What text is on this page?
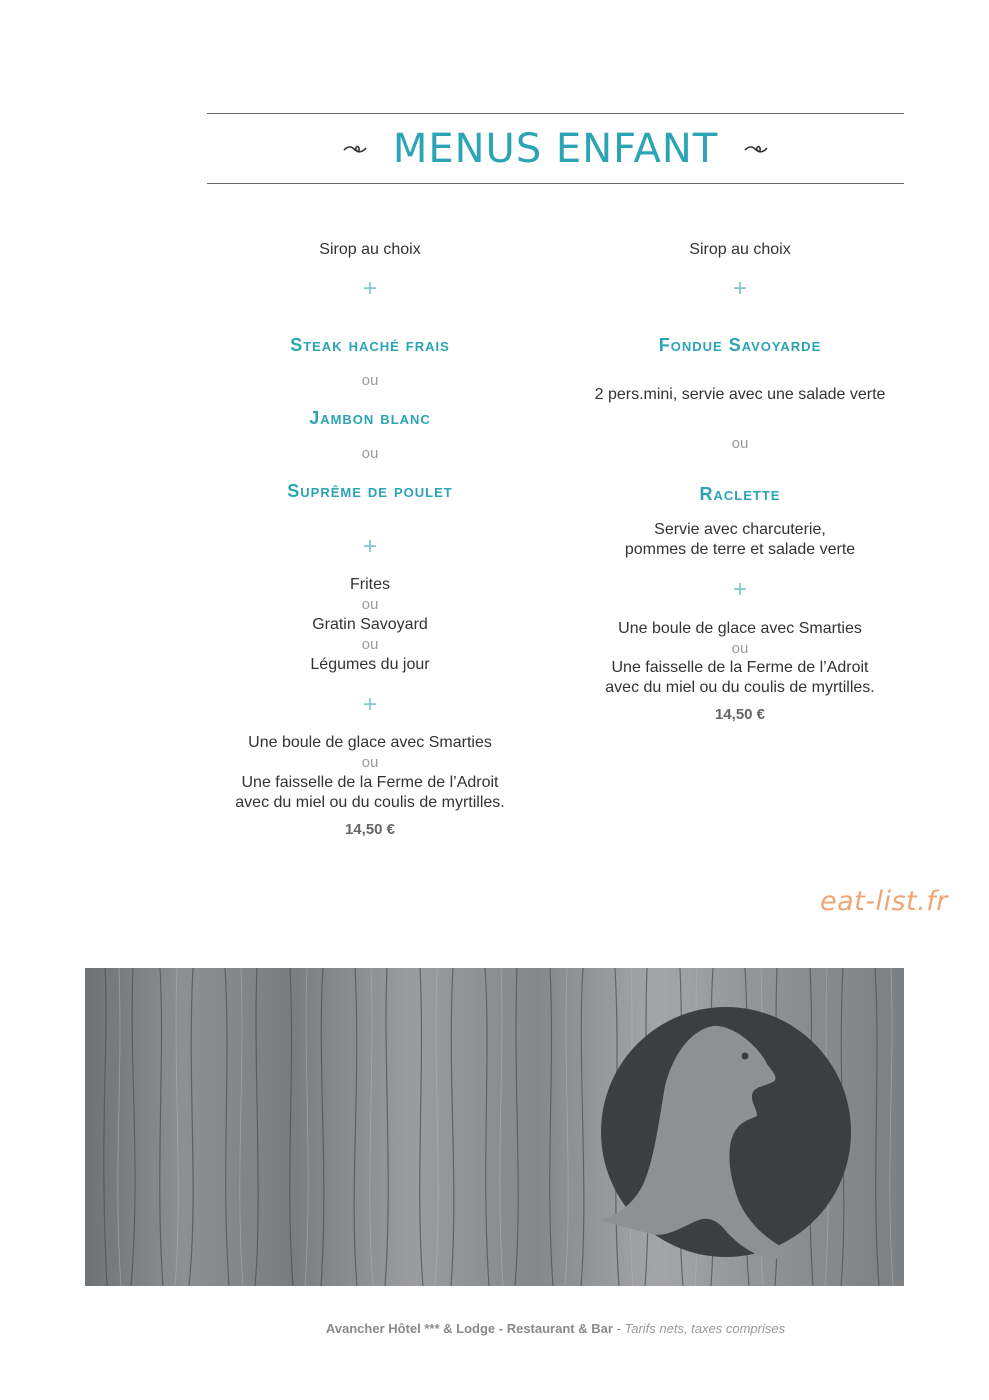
MENUS ENFANT
Sirop au choix
+
Steak haché frais
ou
Jambon blanc
ou
Suprême de poulet
+
Frites
ou
Gratin Savoyard
ou
Légumes du jour
+
Une boule de glace avec Smarties
ou
Une faisselle de la Ferme de l’Adroit
avec du miel ou du coulis de myrtilles.
14,50 €
Sirop au choix
+
Fondue Savoyarde
2 pers.mini, servie avec une salade verte
ou
Raclette
Servie avec charcuterie,
pommes de terre et salade verte
+
Une boule de glace avec Smarties
ou
Une faisselle de la Ferme de l’Adroit
avec du miel ou du coulis de myrtilles.
14,50 €
eat-list.fr
Avancher Hôtel *** & Lodge - Restaurant & Bar - Tarifs nets, taxes comprises
